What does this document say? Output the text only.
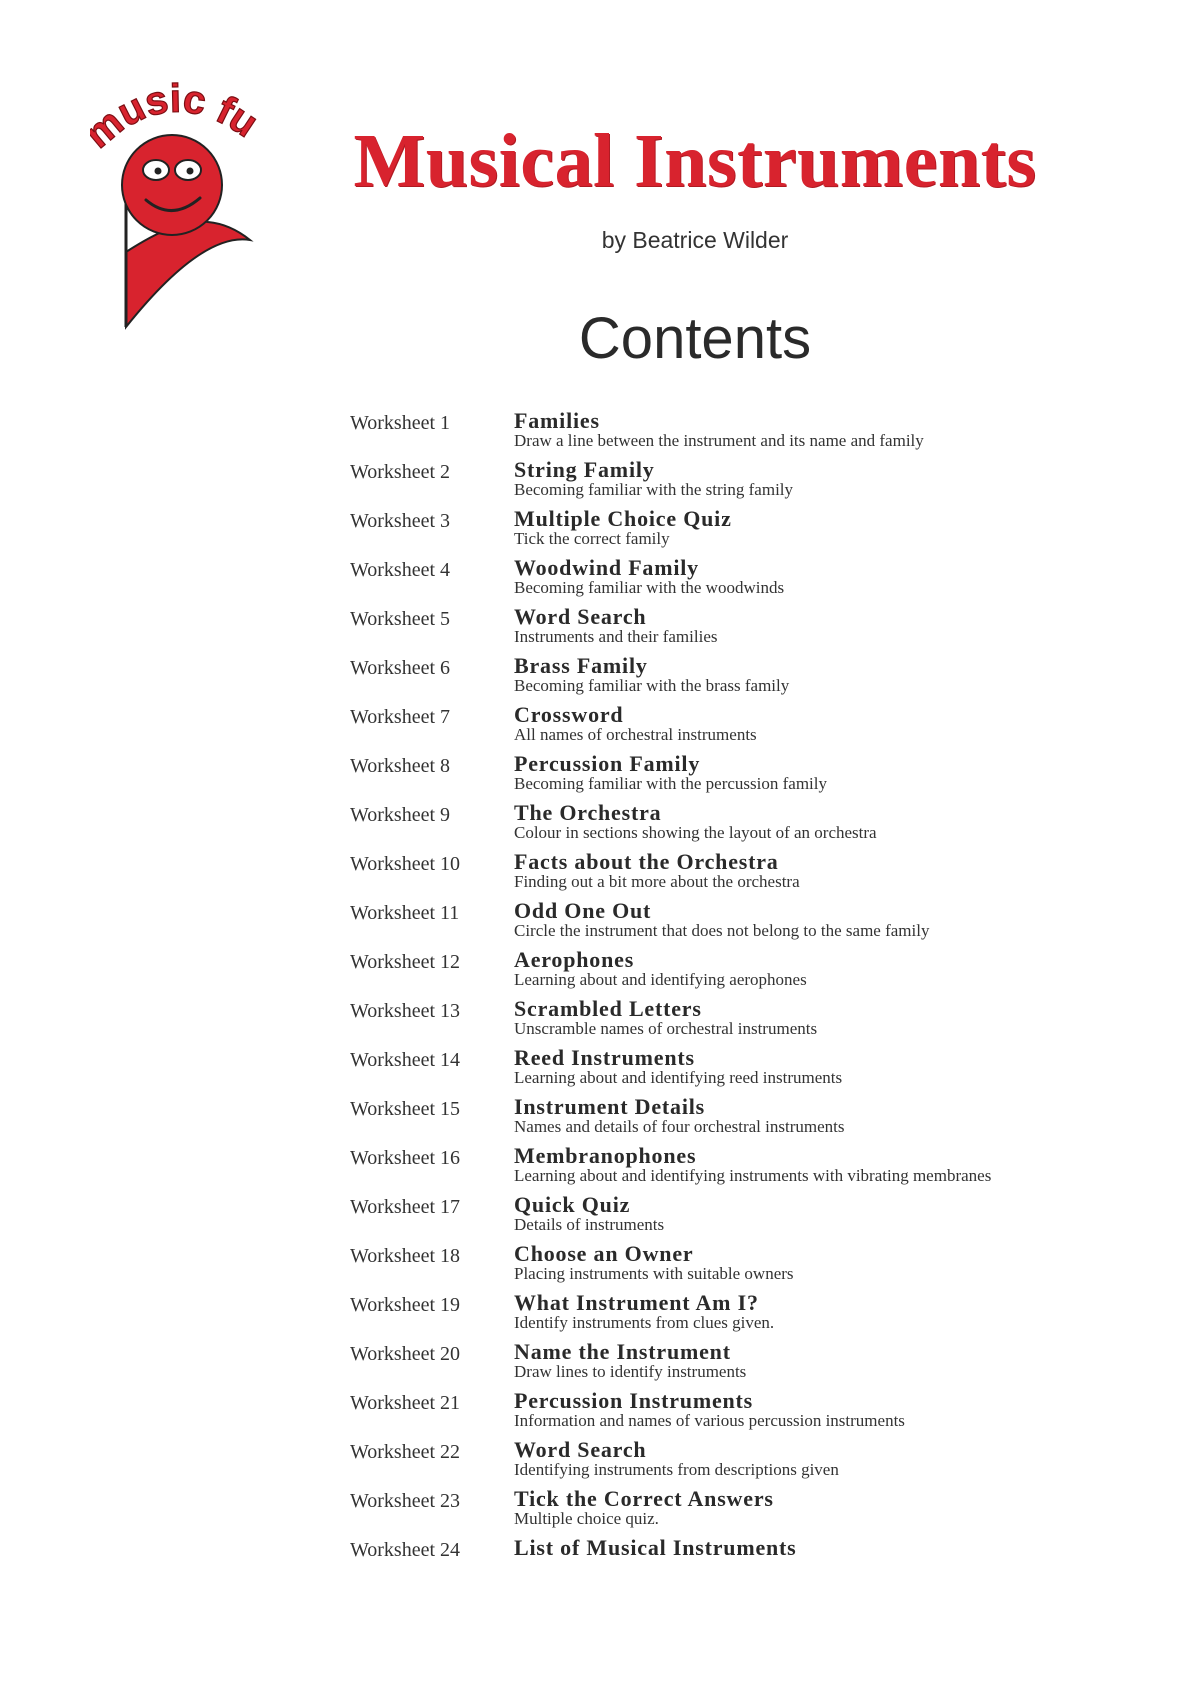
usic fu	Musical Instruments
by Beatrice Wilder
Contents
Worksheet 1	Families
Draw a line between the instrument and its name and family
Worksheet 2	String Family
Becoming familiar with the string family
Worksheet 3	Multiple Choice Quiz
Tick the correct family
Worksheet 4	Woodwind Family
Becoming familiar with the woodwinds
Worksheet 5	Word Search
Instruments and their families
Worksheet 6	Brass Family
Becoming familiar with the brass family
Worksheet 7	Crossword
All names of orchestral instruments
Worksheet 8	Percussion Family
Becoming familiar with the percussion family
Worksheet 9	The Orchestra
Colour in sections showing the layout of an orchestra
Worksheet 10 Facts about the Orchestra
Finding out a bit more about the orchestra
Worksheet 11 Odd One Out
Circle the instrument that does not belong to the same family
Worksheet 12 Aerophones
Learning about and identifying aerophones
Worksheet 13 Scrambled Letters
Unscramble names of orchestral instruments
Worksheet 14 Reed Instruments
Learning about and identifying reed instruments
Worksheet 15 Instrument Details
Names and details of four orchestral instruments
Worksheet 16 Membranophones
Learning about and identifying instruments with vibrating membranes
Worksheet 17 Quick Quiz
Details of instruments
Worksheet 18 Choose an Owner
Placing instruments with suitable owners
Worksheet 19 What Instrument Am I?
Identify instruments from clues given.
Worksheet 20 Name the Instrument
Draw lines to identify instruments
Worksheet 21 Percussion Instruments
Information and names of various percussion instruments
Worksheet 22 Word Search
Identifying instruments from descriptions given
Worksheet 23 Tick the Correct Answers
Multiple choice quiz.
Worksheet 24 List of Musical Instruments
